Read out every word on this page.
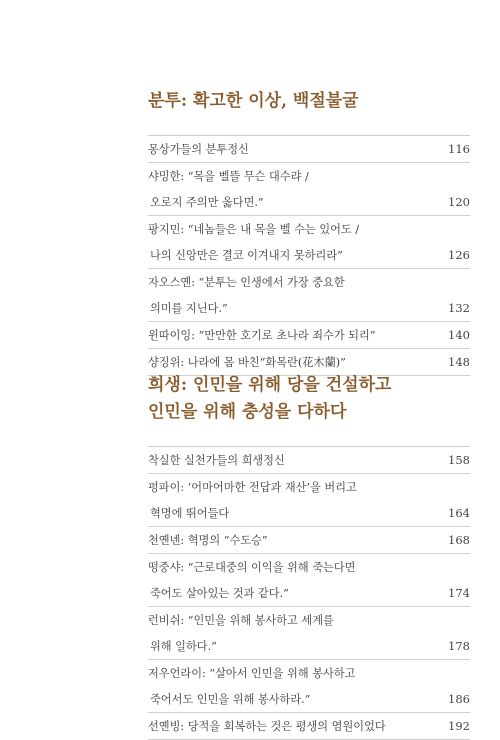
분투: 확고한 이상, 백절불굴
몽상가들의 분투정신	116
샤밍한: “목을 벨뜰 무슨 대수랴 /
오로지 주의만 옳다면.”	120
팡지민: “네놈들은 내 목을 벨 수는 있어도 /
나의 신앙만은 결코 이겨내지 못하리라”	126
자오스옌: “분투는 인생에서 가장 중요한
의미를 지닌다.”	132
윈따이잉: “만만한 호기로 초나라 죄수가 되리”	140
샹징위: 나라에 몸 바친“화목란(花木蘭)”	148
희생: 인민을 위해 당을 건설하고
인민을 위해 충성을 다하다
착실한 실천가들의 희생정신	158
펑파이: ‘어마어마한 전답과 재산’을 버리고
혁명에 뛰어들다	164
천옌녠: 혁명의 “수도승”	168
떵중샤: “근로대중의 이익을 위해 죽는다면
죽어도 살아있는 것과 같다.”	174
런비쉬: “인민을 위해 봉사하고 세계를
위해 일하다.”	178
저우언라이: “살아서 인민을 위해 봉사하고
죽어서도 인민을 위해 봉사하라.”	186
선옌빙: 당적을 회복하는 것은 평생의 염원이었다	192
